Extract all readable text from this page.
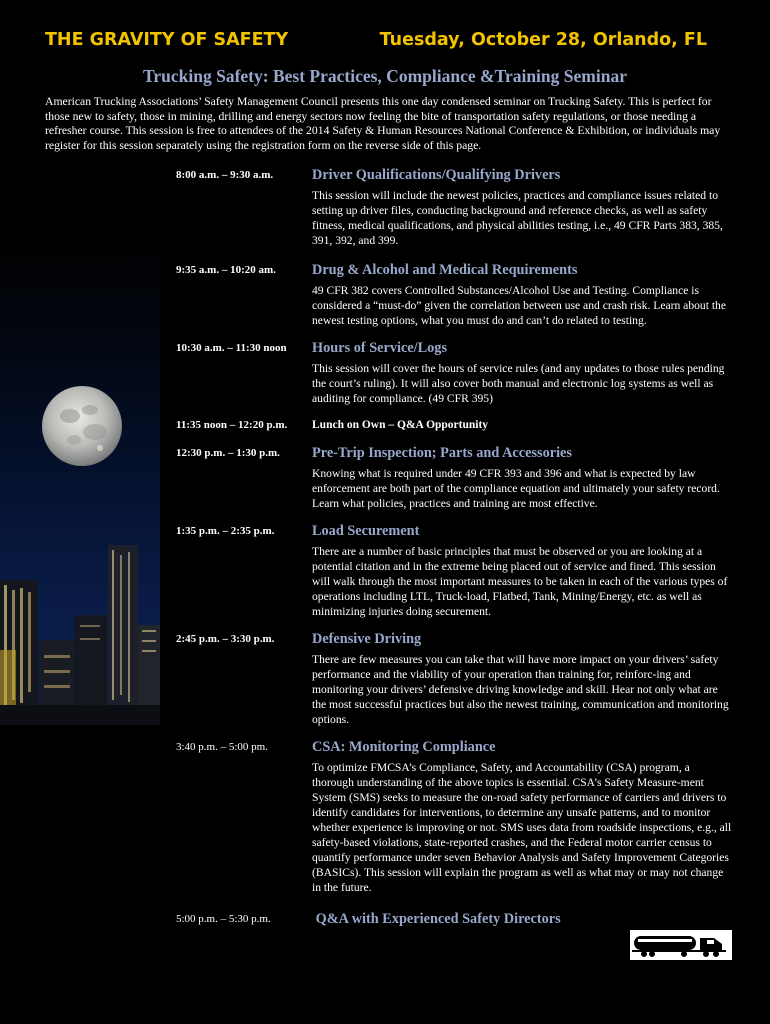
THE GRAVITY OF SAFETY	Tuesday, October 28, Orlando, FL
Trucking Safety: Best Practices, Compliance &Training Seminar
American Trucking Associations’ Safety Management Council presents this one day condensed seminar on Trucking Safety. This is perfect for those new to safety, those in mining, drilling and energy sectors now feeling the bite of transportation safety regulations, or those needing a refresher course. This session is free to attendees of the 2014 Safety & Human Resources National Conference & Exhibition, or individuals may register for this session separately using the registration form on the reverse side of this page.
8:00 a.m. – 9:30 a.m.	Driver Qualifications/Qualifying Drivers
This session will include the newest policies, practices and compliance issues related to setting up driver files, conducting background and reference checks, as well as safety fitness, medical qualifications, and physical abilities testing, i.e., 49 CFR Parts 383, 385, 391, 392, and 399.
9:35 a.m. – 10:20 am.	Drug & Alcohol and Medical Requirements
49 CFR 382 covers Controlled Substances/Alcohol Use and Testing. Compliance is considered a “must-do” given the correlation between use and crash risk. Learn about the newest testing options, what you must do and can’t do related to testing.
10:30 a.m. – 11:30 noon	Hours of Service/Logs
This session will cover the hours of service rules (and any updates to those rules pending the court’s ruling). It will also cover both manual and electronic log systems as well as auditing for compliance. (49 CFR 395)
11:35 noon – 12:20 p.m.	Lunch on Own – Q&A Opportunity
12:30 p.m. – 1:30 p.m.	Pre-Trip Inspection; Parts and Accessories
Knowing what is required under 49 CFR 393 and 396 and what is expected by law enforcement are both part of the compliance equation and ultimately your safety record. Learn what policies, practices and training are most effective.
1:35 p.m. – 2:35 p.m.	Load Securement
There are a number of basic principles that must be observed or you are looking at a potential citation and in the extreme being placed out of service and fined. This session will walk through the most important measures to be taken in each of the various types of operations including LTL, Truck-load, Flatbed, Tank, Mining/Energy, etc. as well as minimizing injuries doing securement.
2:45 p.m. – 3:30 p.m.	Defensive Driving
There are few measures you can take that will have more impact on your drivers’ safety performance and the viability of your operation than training for, reinforc-ing and monitoring your drivers’ defensive driving knowledge and skill. Hear not only what are the most successful practices but also the newest training, communication and monitoring options.
3:40 p.m. – 5:00 pm.	CSA: Monitoring Compliance
To optimize FMCSA’s Compliance, Safety, and Accountability (CSA) program, a thorough understanding of the above topics is essential. CSA’s Safety Measure-ment System (SMS) seeks to measure the on-road safety performance of carriers and drivers to identify candidates for interventions, to determine any unsafe patterns, and to monitor whether experience is improving or not. SMS uses data from roadside inspections, e.g., all safety-based violations, state-reported crashes, and the Federal motor carrier census to quantify performance under seven Behavior Analysis and Safety Improvement Categories (BASICs). This session will explain the program as well as what may or may not change in the future.
5:00 p.m. – 5:30 p.m.	Q&A with Experienced Safety Directors
